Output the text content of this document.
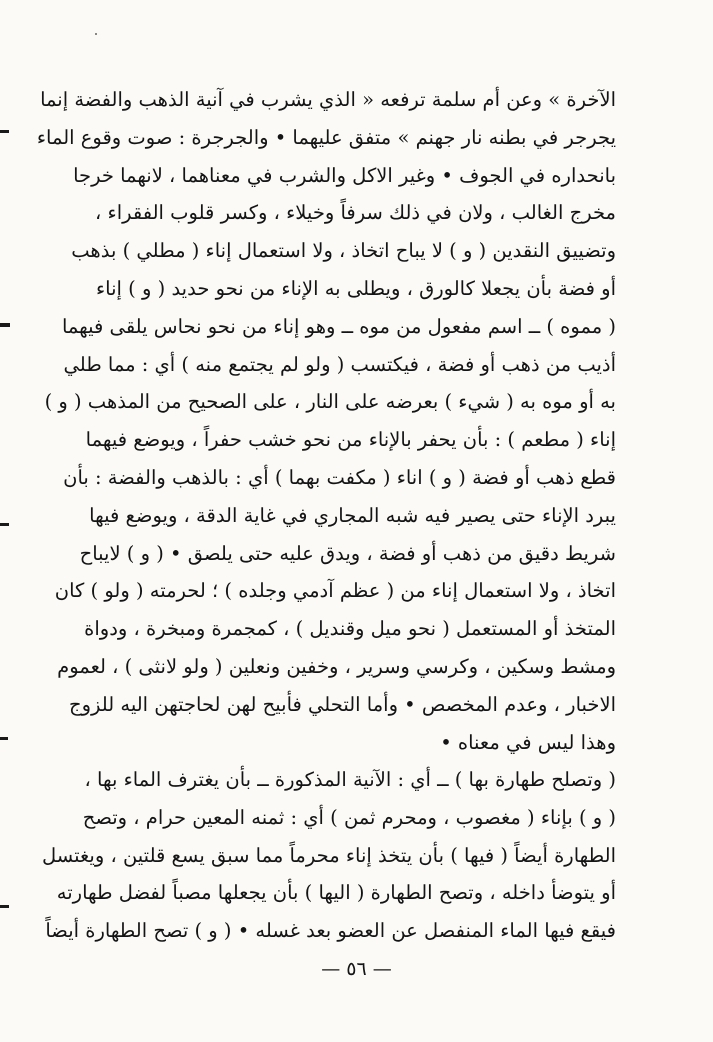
الآخرة » وعن أم سلمة ترفعه « الذي يشرب في آنية الذهب والفضة إنما
يجرجر في بطنه نار جهنم » متفق عليهما • والجرجرة : صوت وقوع الماء
بانحداره في الجوف • وغير الاكل والشرب في معناهما ، لانهما خرجا
مخرج الغالب ، ولان في ذلك سرفاً وخيلاء ، وكسر قلوب الفقراء ،
وتضييق النقدين ( و ) لا يباح اتخاذ ، ولا استعمال إناء ( مطلي ) بذهب
أو فضة بأن يجعلا كالورق ، ويطلى به الإناء من نحو حديد ( و ) إناء
( مموه ) ــ اسم مفعول من موه ــ وهو إناء من نحو نحاس يلقى فيهما
أذيب من ذهب أو فضة ، فيكتسب ( ولو لم يجتمع منه ) أي : مما طلي
به أو موه به ( شيء ) بعرضه على النار ، على الصحيح من المذهب ( و )
إناء ( مطعم ) : بأن يحفر بالإناء من نحو خشب حفراً ، ويوضع فيهما
قطع ذهب أو فضة ( و ) اناء ( مكفت بهما ) أي : بالذهب والفضة : بأن
يبرد الإناء حتى يصير فيه شبه المجاري في غاية الدقة ، ويوضع فيها
شريط دقيق من ذهب أو فضة ، ويدق عليه حتى يلصق • ( و ) لايباح
اتخاذ ، ولا استعمال إناء من ( عظم آدمي وجلده ) ؛ لحرمته ( ولو ) كان
المتخذ أو المستعمل ( نحو ميل وقنديل ) ، كمجمرة ومبخرة ، ودواة
ومشط وسكين ، وكرسي وسرير ، وخفين ونعلين ( ولو لانثى ) ، لعموم
الاخبار ، وعدم المخصص • وأما التحلي فأبيح لهن لحاجتهن اليه للزوج
وهذا ليس في معناه •
( وتصلح طهارة بها ) ــ أي : الآنية المذكورة ــ بأن يغترف الماء بها ،
( و ) بإناء ( مغصوب ، ومحرم ثمن ) أي : ثمنه المعين حرام ، وتصح
الطهارة أيضاً ( فيها ) بأن يتخذ إناء محرماً مما سبق يسع قلتين ، ويغتسل
أو يتوضأ داخله ، وتصح الطهارة ( اليها ) بأن يجعلها مصباً لفضل طهارته
فيقع فيها الماء المنفصل عن العضو بعد غسله • ( و ) تصح الطهارة أيضاً
— ٥٦ —
